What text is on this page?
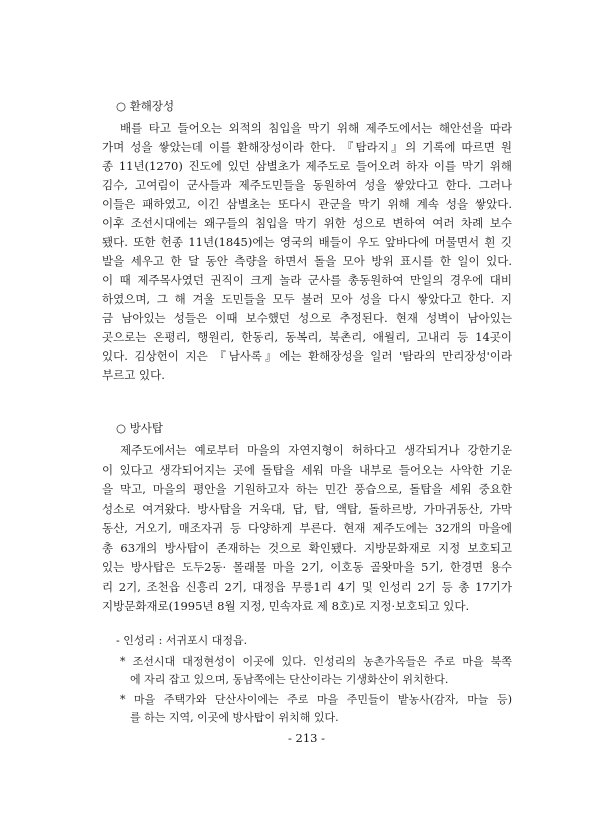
○ 환해장성
배를 타고 들어오는 외적의 침입을 막기 위해 제주도에서는 해안선을 따라
가며 성을 쌓았는데 이를 환해장성이라 한다. 『탐라지』의 기록에 따르면 원
종 11년(1270) 진도에 있던 삼별초가 제주도로 들어오려 하자 이를 막기 위해
김수, 고여림이 군사들과 제주도민들을 동원하여 성을 쌓았다고 한다. 그러나
이들은 패하였고, 이긴 삼별초는 또다시 관군을 막기 위해 계속 성을 쌓았다.
이후 조선시대에는 왜구들의 침입을 막기 위한 성으로 변하여 여러 차례 보수
됐다. 또한 헌종 11년(1845)에는 영국의 배들이 우도 앞바다에 머물면서 흰 깃
발을 세우고 한 달 동안 측량을 하면서 돌을 모아 방위 표시를 한 일이 있다.
이 때 제주목사였던 권직이 크게 놀라 군사를 총동원하여 만일의 경우에 대비
하였으며, 그 해 겨울 도민들을 모두 불러 모아 성을 다시 쌓았다고 한다. 지
금 남아있는 성들은 이때 보수했던 성으로 추정된다. 현재 성벽이 남아있는
곳으로는 온평리, 행원리, 한동리, 동복리, 북촌리, 애월리, 고내리 등 14곳이
있다. 김상헌이 지은 『남사록』에는 환해장성을 일러 '탐라의 만리장성'이라
부르고 있다.
○ 방사탑
제주도에서는 예로부터 마을의 자연지형이 허하다고 생각되거나 강한기운
이 있다고 생각되어지는 곳에 돌탑을 세워 마을 내부로 들어오는 사악한 기운
을 막고, 마을의 평안을 기원하고자 하는 민간 풍습으로, 돌탑을 세워 중요한
성소로 여겨왔다. 방사탑을 거욱대, 답, 탑, 액탑, 돌하르방, 가마귀동산, 가막
동산, 거오기, 매조자귀 등 다양하게 부른다. 현재 제주도에는 32개의 마을에
총 63개의 방사탑이 존재하는 것으로 확인됐다. 지방문화재로 지정 보호되고
있는 방사탑은 도두2동· 몰래물 마을 2기, 이호동 골왓마을 5기, 한경면 용수
리 2기, 조천읍 신흥리 2기, 대정읍 무릉1리 4기 및 인성리 2기 등 총 17기가
지방문화재로(1995년 8월 지정, 민속자료 제 8호)로 지정·보호되고 있다.
- 인성리 : 서귀포시 대정읍.
* 조선시대 대정현성이 이곳에 있다. 인성리의 농촌가옥들은 주로 마을 북쪽
에 자리 잡고 있으며, 동남쪽에는 단산이라는 기생화산이 위치한다.
* 마을 주택가와 단산사이에는 주로 마을 주민들이 밭농사(감자, 마늘 등)
를 하는 지역, 이곳에 방사탑이 위치해 있다.
- 213 -
